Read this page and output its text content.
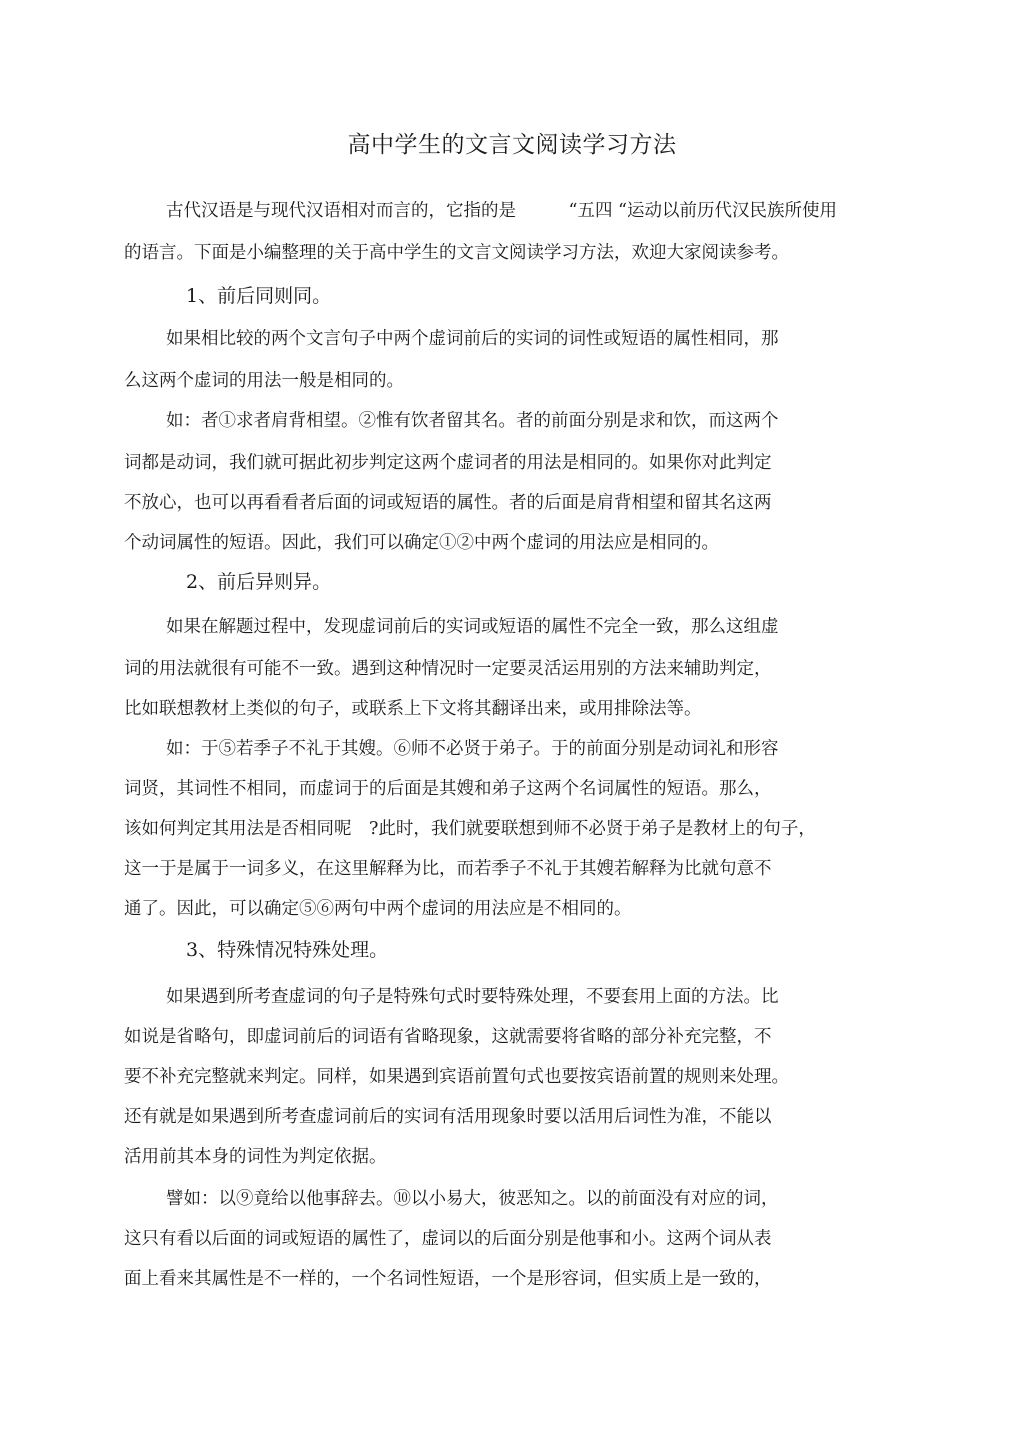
高中学生的文言文阅读学习方法

古代汉语是与现代汉语相对而言的，它指的是　　　“五四 “运动以前历代汉民族所使用

的语言。下面是小编整理的关于高中学生的文言文阅读学习方法，欢迎大家阅读参考。

1、前后同则同。

如果相比较的两个文言句子中两个虚词前后的实词的词性或短语的属性相同，那

么这两个虚词的用法一般是相同的。

如：者①求者肩背相望。②惟有饮者留其名。者的前面分别是求和饮，而这两个

词都是动词，我们就可据此初步判定这两个虚词者的用法是相同的。如果你对此判定

不放心，也可以再看看者后面的词或短语的属性。者的后面是肩背相望和留其名这两

个动词属性的短语。因此，我们可以确定①②中两个虚词的用法应是相同的。

2、前后异则异。

如果在解题过程中，发现虚词前后的实词或短语的属性不完全一致，那么这组虚

词的用法就很有可能不一致。遇到这种情况时一定要灵活运用别的方法来辅助判定，

比如联想教材上类似的句子，或联系上下文将其翻译出来，或用排除法等。

如：于⑤若季子不礼于其嫂。⑥师不必贤于弟子。于的前面分别是动词礼和形容

词贤，其词性不相同，而虚词于的后面是其嫂和弟子这两个名词属性的短语。那么，

该如何判定其用法是否相同呢　?此时，我们就要联想到师不必贤于弟子是教材上的句子，

这一于是属于一词多义，在这里解释为比，而若季子不礼于其嫂若解释为比就句意不

通了。因此，可以确定⑤⑥两句中两个虚词的用法应是不相同的。

3、特殊情况特殊处理。

如果遇到所考查虚词的句子是特殊句式时要特殊处理，不要套用上面的方法。比

如说是省略句，即虚词前后的词语有省略现象，这就需要将省略的部分补充完整，不

要不补充完整就来判定。同样，如果遇到宾语前置句式也要按宾语前置的规则来处理。

还有就是如果遇到所考查虚词前后的实词有活用现象时要以活用后词性为准，不能以

活用前其本身的词性为判定依据。

譬如：以⑨竟给以他事辞去。⑩以小易大，彼恶知之。以的前面没有对应的词，

这只有看以后面的词或短语的属性了，虚词以的后面分别是他事和小。这两个词从表

面上看来其属性是不一样的，一个名词性短语，一个是形容词，但实质上是一致的，
